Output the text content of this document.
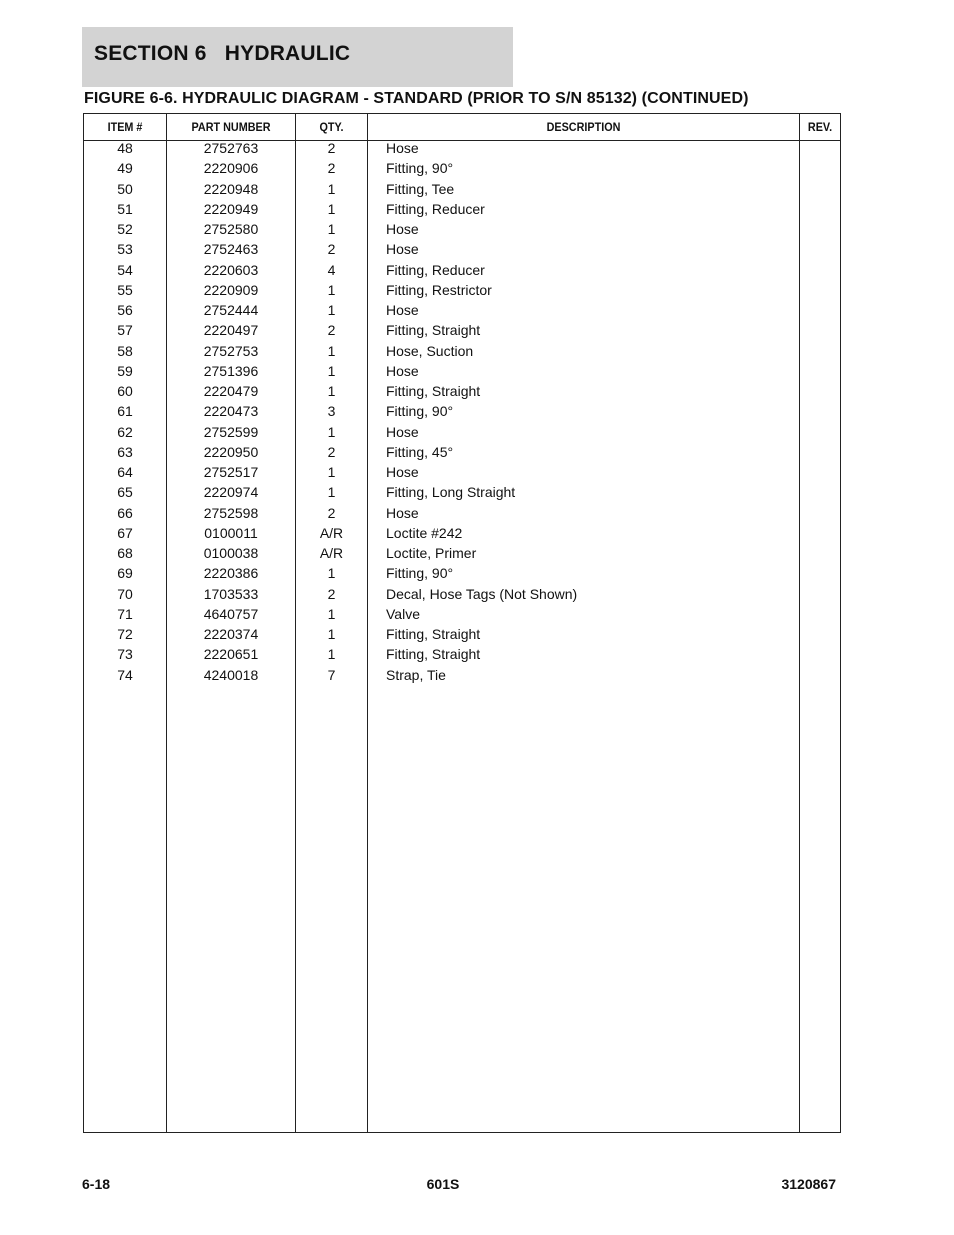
SECTION 6   HYDRAULIC
FIGURE 6-6. HYDRAULIC DIAGRAM - STANDARD (PRIOR TO S/N 85132) (CONTINUED)
ITEM #	PART NUMBER	QTY.	DESCRIPTION	REV.
48	2752763	2	Hose
49	2220906	2	Fitting, 90°
50	2220948	1	Fitting, Tee
51	2220949	1	Fitting, Reducer
52	2752580	1	Hose
53	2752463	2	Hose
54	2220603	4	Fitting, Reducer
55	2220909	1	Fitting, Restrictor
56	2752444	1	Hose
57	2220497	2	Fitting, Straight
58	2752753	1	Hose, Suction
59	2751396	1	Hose
60	2220479	1	Fitting, Straight
61	2220473	3	Fitting, 90°
62	2752599	1	Hose
63	2220950	2	Fitting, 45°
64	2752517	1	Hose
65	2220974	1	Fitting, Long Straight
66	2752598	2	Hose
67	0100011	A/R	Loctite #242
68	0100038	A/R	Loctite, Primer
69	2220386	1	Fitting, 90°
70	1703533	2	Decal, Hose Tags (Not Shown)
71	4640757	1	Valve
72	2220374	1	Fitting, Straight
73	2220651	1	Fitting, Straight
74	4240018	7	Strap, Tie
6-18	601S	3120867
